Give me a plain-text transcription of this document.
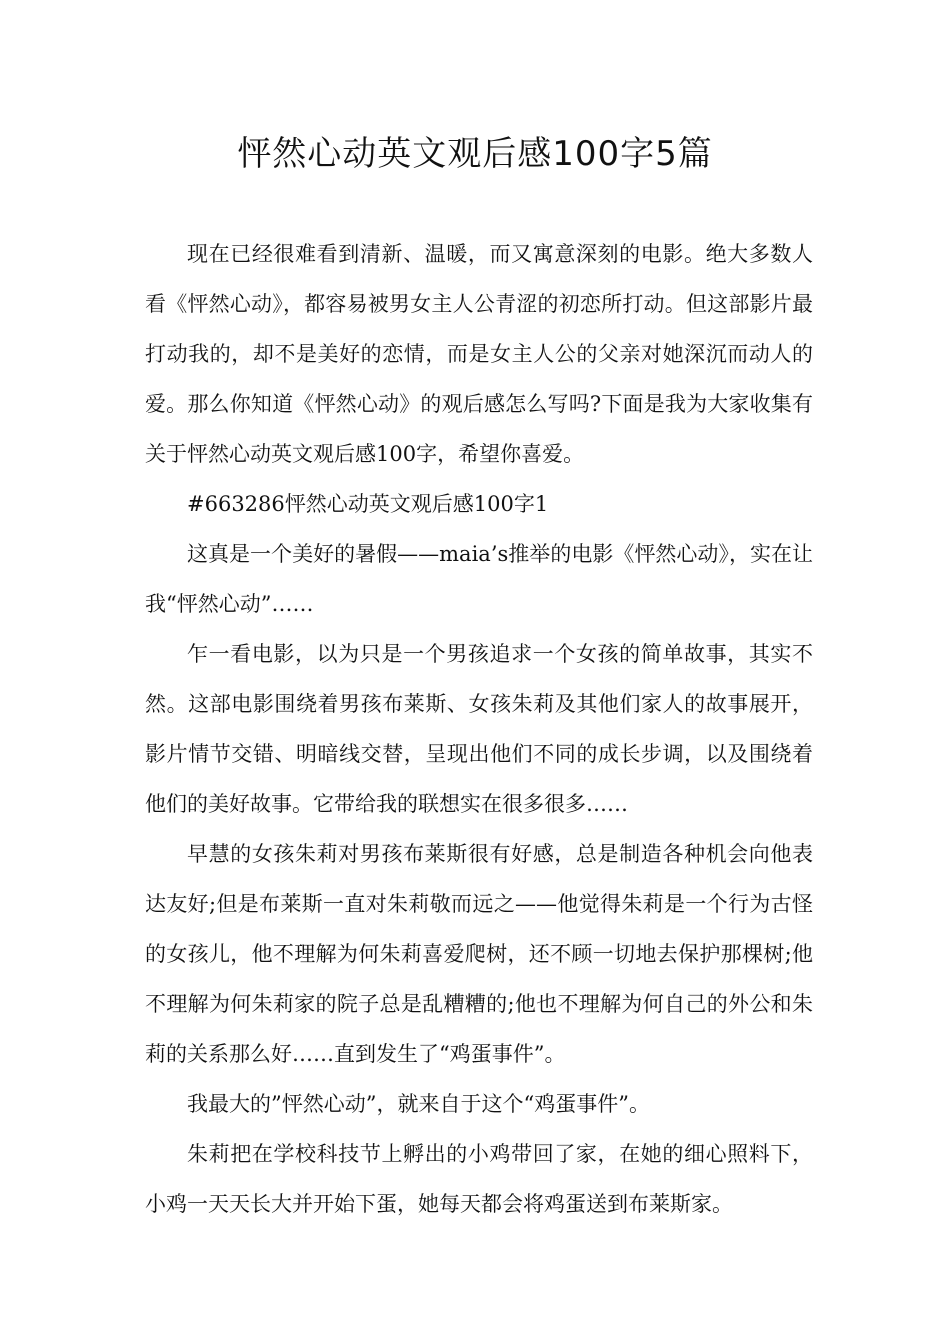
怦然心动英文观后感100字5篇

现在已经很难看到清新、温暖，而又寓意深刻的电影。绝大多数人看《怦然心动》，都容易被男女主人公青涩的初恋所打动。但这部影片最打动我的，却不是美好的恋情，而是女主人公的父亲对她深沉而动人的爱。那么你知道《怦然心动》的观后感怎么写吗?下面是我为大家收集有关于怦然心动英文观后感100字，希望你喜爱。

#663286怦然心动英文观后感100字1

这真是一个美好的暑假——maia’s推举的电影《怦然心动》，实在让我“怦然心动”……

乍一看电影，以为只是一个男孩追求一个女孩的简单故事，其实不然。这部电影围绕着男孩布莱斯、女孩朱莉及其他们家人的故事展开，影片情节交错、明暗线交替，呈现出他们不同的成长步调，以及围绕着他们的美好故事。它带给我的联想实在很多很多……

早慧的女孩朱莉对男孩布莱斯很有好感，总是制造各种机会向他表达友好;但是布莱斯一直对朱莉敬而远之——他觉得朱莉是一个行为古怪的女孩儿，他不理解为何朱莉喜爱爬树，还不顾一切地去保护那棵树;他不理解为何朱莉家的院子总是乱糟糟的;他也不理解为何自己的外公和朱莉的关系那么好……直到发生了“鸡蛋事件”。

我最大的”怦然心动”，就来自于这个“鸡蛋事件”。

朱莉把在学校科技节上孵出的小鸡带回了家，在她的细心照料下，小鸡一天天长大并开始下蛋，她每天都会将鸡蛋送到布莱斯家。
